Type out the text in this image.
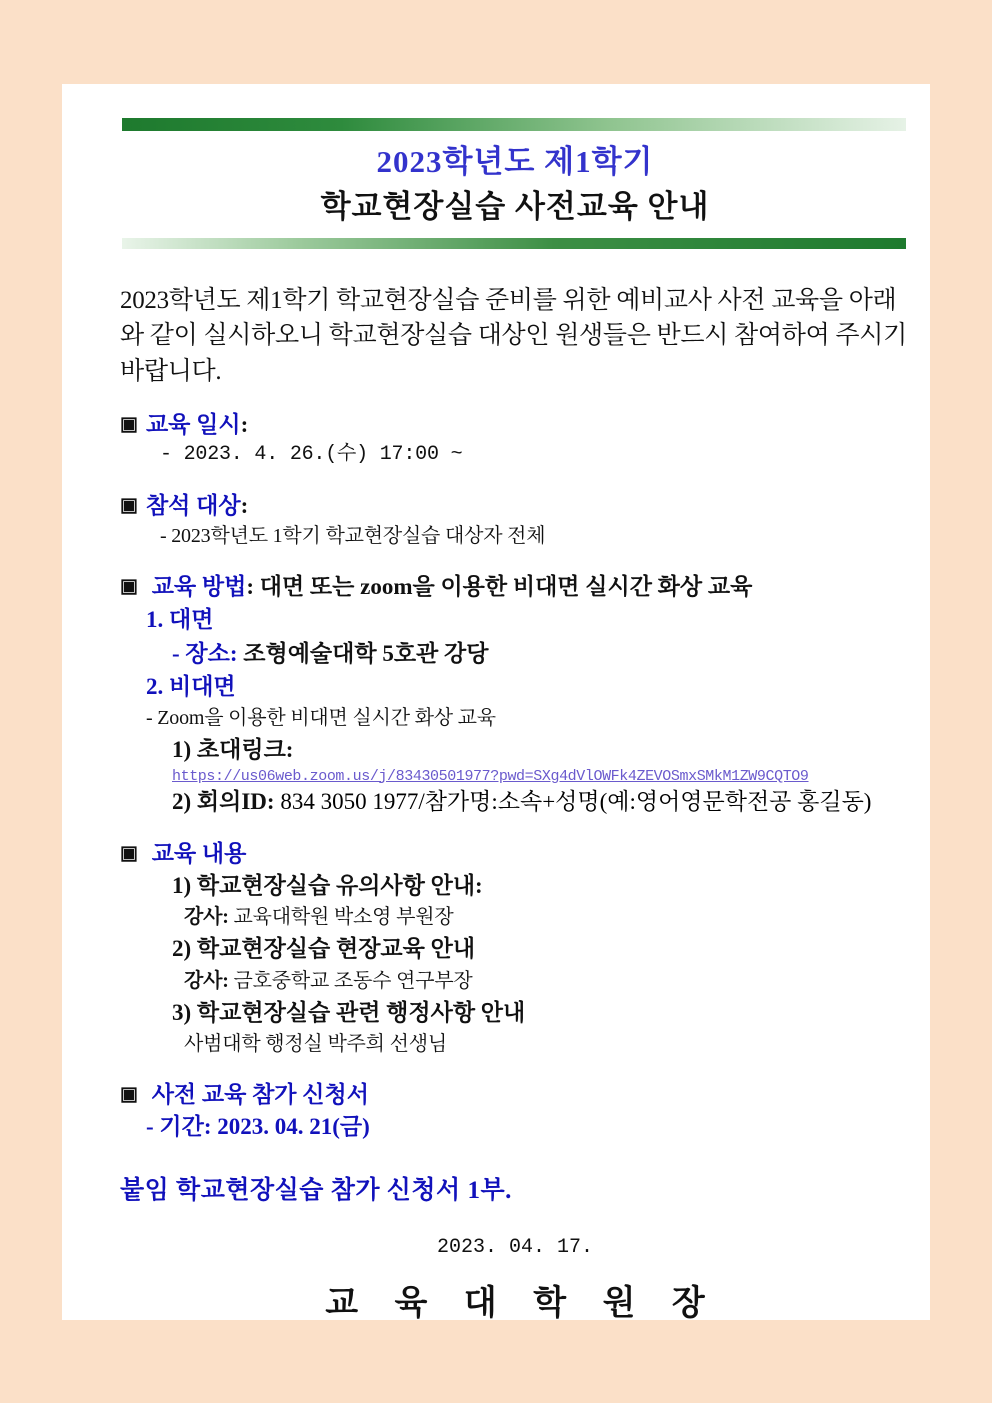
2023학년도 제1학기
학교현장실습 사전교육 안내
2023학년도 제1학기 학교현장실습 준비를 위한 예비교사 사전 교육을 아래와 같이 실시하오니 학교현장실습 대상인 원생들은 반드시 참여하여 주시기 바랍니다.
▣교육 일시:
- 2023. 4. 26.(수) 17:00 ~
▣참석 대상:
- 2023학년도 1학기 학교현장실습 대상자 전체
▣ 교육 방법: 대면 또는 zoom을 이용한 비대면 실시간 화상 교육
1. 대면
- 장소: 조형예술대학 5호관 강당
2. 비대면
- Zoom을 이용한 비대면 실시간 화상 교육
1) 초대링크:
https://us06web.zoom.us/j/83430501977?pwd=SXg4dVlOWFk4ZEVOSmxSMkM1ZW9CQTO9
2) 회의ID: 834 3050 1977/참가명:소속+성명(예:영어영문학전공 홍길동)
▣ 교육 내용
1) 학교현장실습 유의사항 안내:
강사: 교육대학원 박소영 부원장
2) 학교현장실습 현장교육 안내
강사: 금호중학교 조동수 연구부장
3) 학교현장실습 관련 행정사항 안내
사범대학 행정실 박주희 선생님
▣ 사전 교육 참가 신청서
- 기간: 2023. 04. 21(금)
붙임 학교현장실습 참가 신청서 1부.
2023. 04. 17.
교 육 대 학 원 장
